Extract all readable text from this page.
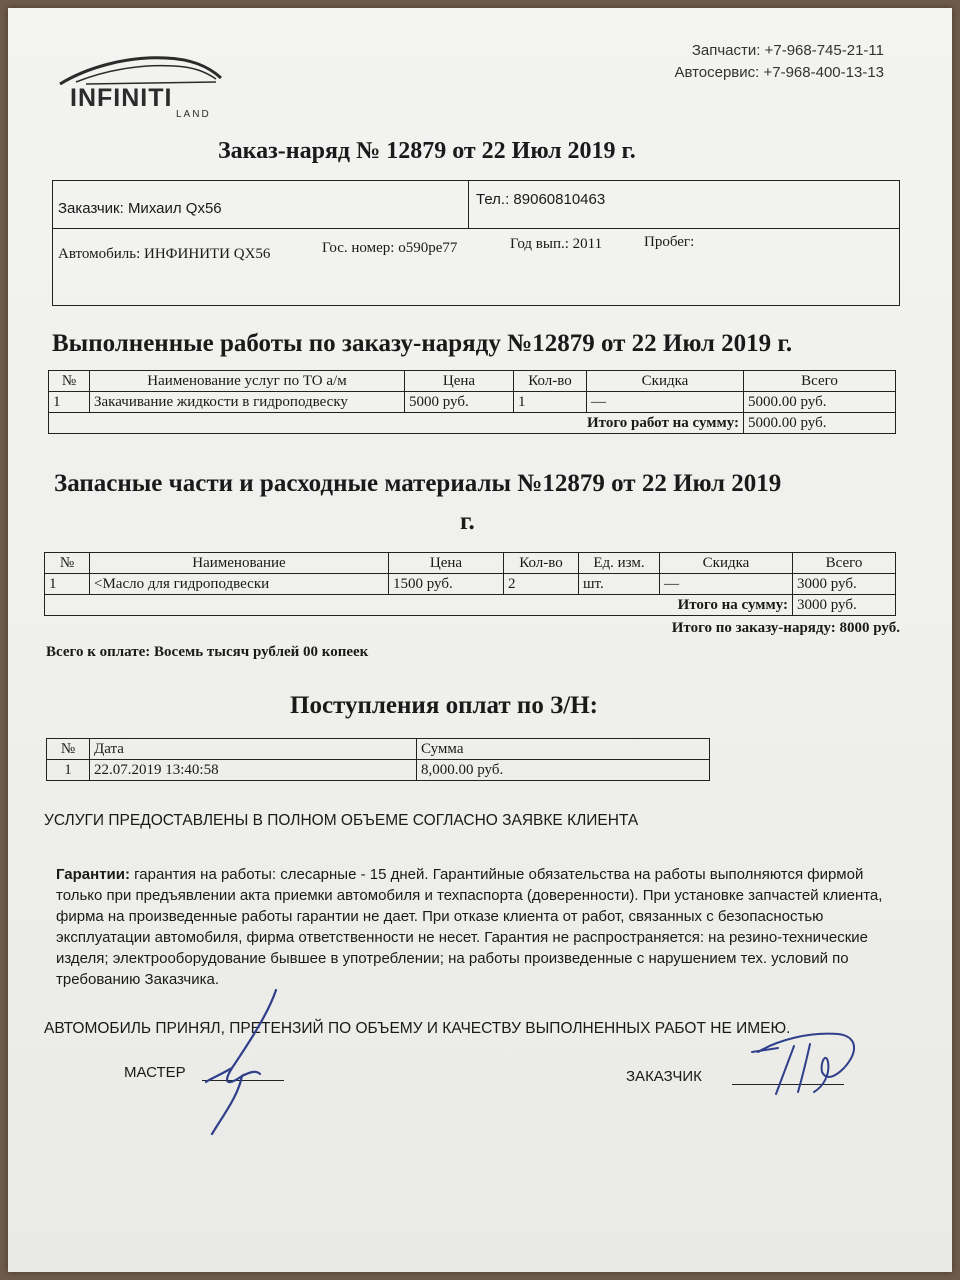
INFINITI
LAND
Запчасти: +7-968-745-21-11
Автосервис: +7-968-400-13-13
Заказ-наряд № 12879 от 22 Июл 2019 г.
Заказчик: Михаил Qx56
Тел.: 89060810463
Автомобиль: ИНФИНИТИ QX56	Гос. номер: о590ре77	Год вып.: 2011	Пробег:
Выполненные работы по заказу-наряду №12879 от 22 Июл 2019 г.
№	Наименование услуг по ТО а/м	Цена	Кол-во	Скидка	Всего
1	Закачивание жидкости в гидроподвеску	5000 руб.	1	—	5000.00 руб.
Итого работ на сумму:					5000.00 руб.
Запасные части и расходные материалы №12879 от 22 Июл 2019
г.
№	Наименование	Цена	Кол-во	Ед. изм.	Скидка	Всего
1	<Масло для гидроподвески	1500 руб.	2	шт.	—	3000 руб.
Итого на сумму:						3000 руб.
Итого по заказу-наряду: 8000 руб.
Всего к оплате: Восемь тысяч рублей 00 копеек
Поступления оплат по З/Н:
№	Дата	Сумма
1	22.07.2019 13:40:58	8,000.00 руб.
УСЛУГИ ПРЕДОСТАВЛЕНЫ В ПОЛНОМ ОБЪЕМЕ СОГЛАСНО ЗАЯВКЕ КЛИЕНТА
Гарантии: гарантия на работы: слесарные - 15 дней. Гарантийные обязательства на работы выполняются фирмой только при предъявлении акта приемки автомобиля и техпаспорта (доверенности). При установке запчастей клиента, фирма на произведенные работы гарантии не дает. При отказе клиента от работ, связанных с безопасностью эксплуатации автомобиля, фирма ответственности не несет. Гарантия не распространяется: на резино-технические изделя; электрооборудование бывшее в употреблении; на работы произведенные с нарушением тех. условий по требованию Заказчика.
АВТОМОБИЛЬ ПРИНЯЛ, ПРЕТЕНЗИЙ ПО ОБЪЕМУ И КАЧЕСТВУ ВЫПОЛНЕННЫХ РАБОТ НЕ ИМЕЮ.
МАСТЕР	ЗАКАЗЧИК
